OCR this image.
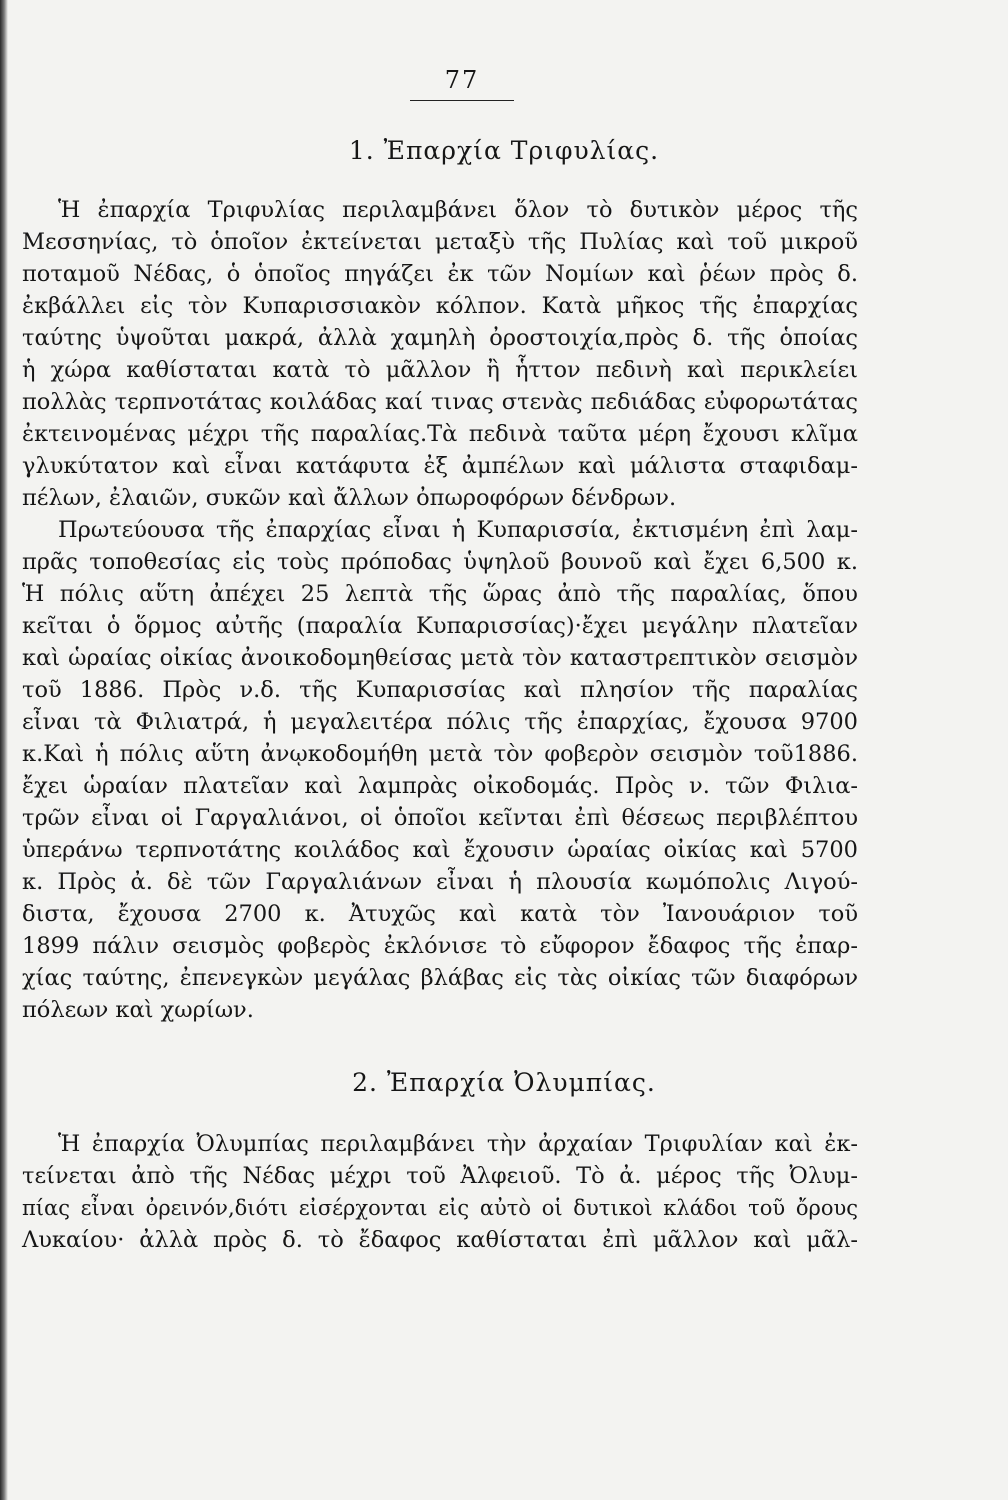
77
1. Ἐπαρχία Τριφυλίας.
Ἡ ἐπαρχία Τριφυλίας περιλαμβάνει ὅλον τὸ δυτικὸν μέρος τῆς
Μεσσηνίας, τὸ ὁποῖον ἐκτείνεται μεταξὺ τῆς Πυλίας καὶ τοῦ μικροῦ
ποταμοῦ Νέδας, ὁ ὁποῖος πηγάζει ἐκ τῶν Νομίων καὶ ῥέων πρὸς δ.
ἐκβάλλει εἰς τὸν Κυπαρισσιακὸν κόλπον. Κατὰ μῆκος τῆς ἐπαρχίας
ταύτης ὑψοῦται μακρά, ἀλλὰ χαμηλὴ ὀροστοιχία,πρὸς δ. τῆς ὁποίας
ἡ χώρα καθίσταται κατὰ τὸ μᾶλλον ἢ ἧττον πεδινὴ καὶ περικλείει
πολλὰς τερπνοτάτας κοιλάδας καί τινας στενὰς πεδιάδας εὐφορωτάτας
ἐκτεινομένας μέχρι τῆς παραλίας.Τὰ πεδινὰ ταῦτα μέρη ἔχουσι κλῖμα
γλυκύτατον καὶ εἶναι κατάφυτα ἐξ ἀμπέλων καὶ μάλιστα σταφιδαμ-
πέλων, ἐλαιῶν, συκῶν καὶ ἄλλων ὀπωροφόρων δένδρων.
Πρωτεύουσα τῆς ἐπαρχίας εἶναι ἡ Κυπαρισσία, ἐκτισμένη ἐπὶ λαμ-
πρᾶς τοποθεσίας εἰς τοὺς πρόποδας ὑψηλοῦ βουνοῦ καὶ ἔχει 6,500 κ.
Ἡ πόλις αὕτη ἀπέχει 25 λεπτὰ τῆς ὥρας ἀπὸ τῆς παραλίας, ὅπου
κεῖται ὁ ὅρμος αὐτῆς (παραλία Κυπαρισσίας)·ἔχει μεγάλην πλατεῖαν
καὶ ὡραίας οἰκίας ἀνοικοδομηθείσας μετὰ τὸν καταστρεπτικὸν σεισμὸν
τοῦ 1886. Πρὸς ν.δ. τῆς Κυπαρισσίας καὶ πλησίον τῆς παραλίας
εἶναι τὰ Φιλιατρά, ἡ μεγαλειτέρα πόλις τῆς ἐπαρχίας, ἔχουσα 9700
κ.Καὶ ἡ πόλις αὕτη ἀνῳκοδομήθη μετὰ τὸν φοβερὸν σεισμὸν τοῦ1886.
ἔχει ὡραίαν πλατεῖαν καὶ λαμπρὰς οἰκοδομάς. Πρὸς ν. τῶν Φιλια-
τρῶν εἶναι οἱ Γαργαλιάνοι, οἱ ὁποῖοι κεῖνται ἐπὶ θέσεως περιβλέπτου
ὑπεράνω τερπνοτάτης κοιλάδος καὶ ἔχουσιν ὡραίας οἰκίας καὶ 5700
κ. Πρὸς ἀ. δὲ τῶν Γαργαλιάνων εἶναι ἡ πλουσία κωμόπολις Λιγού-
διστα, ἔχουσα 2700 κ. Ἀτυχῶς καὶ κατὰ τὸν Ἰανουάριον τοῦ
1899 πάλιν σεισμὸς φοβερὸς ἐκλόνισε τὸ εὔφορον ἔδαφος τῆς ἐπαρ-
χίας ταύτης, ἐπενεγκὼν μεγάλας βλάβας εἰς τὰς οἰκίας τῶν διαφόρων
πόλεων καὶ χωρίων.
2. Ἐπαρχία Ὀλυμπίας.
Ἡ ἐπαρχία Ὀλυμπίας περιλαμβάνει τὴν ἀρχαίαν Τριφυλίαν καὶ ἐκ-
τείνεται ἀπὸ τῆς Νέδας μέχρι τοῦ Ἀλφειοῦ. Τὸ ἀ. μέρος τῆς Ὀλυμ-
πίας εἶναι ὀρεινόν,διότι εἰσέρχονται εἰς αὐτὸ οἱ δυτικοὶ κλάδοι τοῦ ὄρους
Λυκαίου· ἀλλὰ πρὸς δ. τὸ ἔδαφος καθίσταται ἐπὶ μᾶλλον καὶ μᾶλ-
